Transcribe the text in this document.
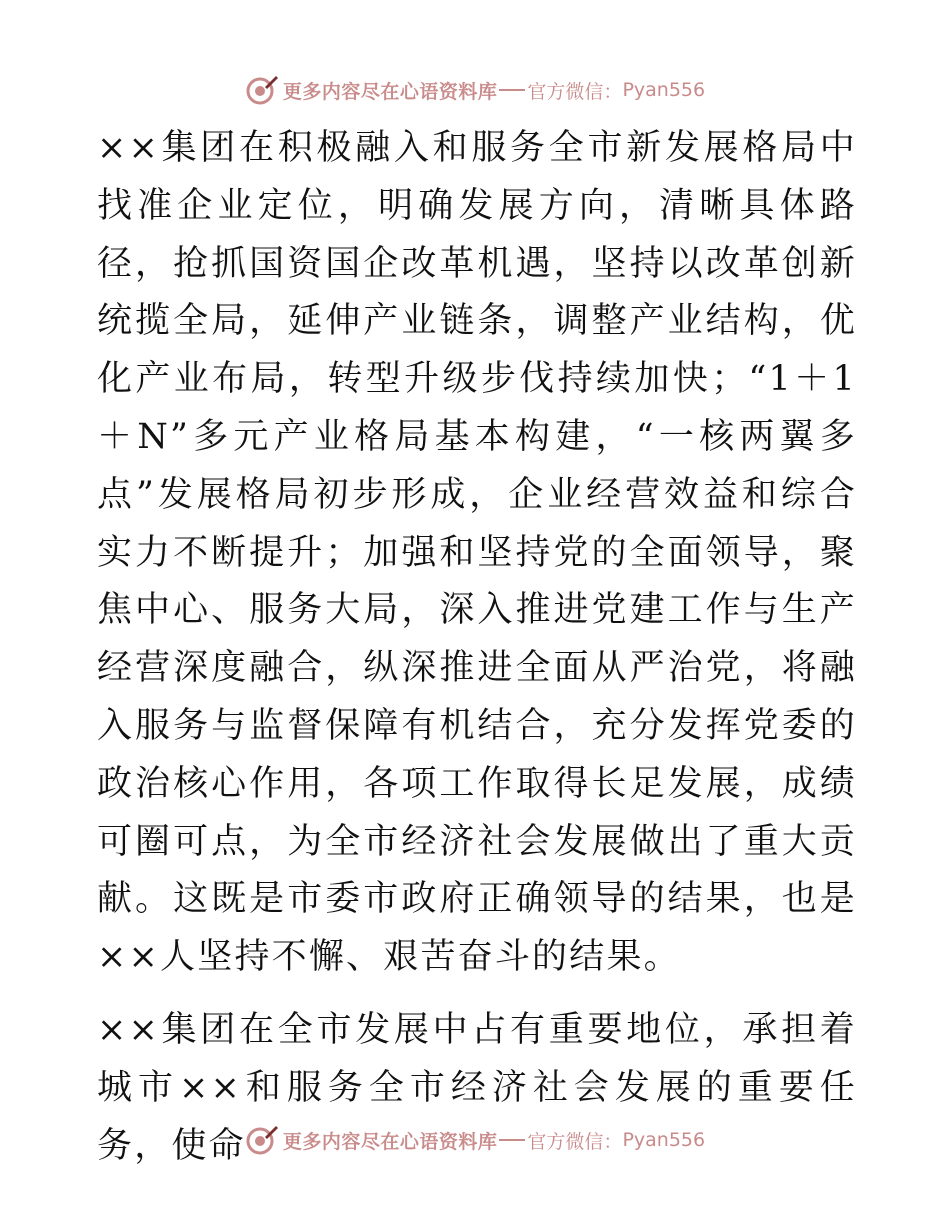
更多内容尽在心语资料库 官方微信： Pyan556

××集团在积极融入和服务全市新发展格局中找准企业定位，明确发展方向，清晰具体路径，抢抓国资国企改革机遇，坚持以改革创新统揽全局，延伸产业链条，调整产业结构，优化产业布局，转型升级步伐持续加快；“1＋1＋N”多元产业格局基本构建，“一核两翼多点”发展格局初步形成，企业经营效益和综合实力不断提升；加强和坚持党的全面领导，聚焦中心、服务大局，深入推进党建工作与生产经营深度融合，纵深推进全面从严治党，将融入服务与监督保障有机结合，充分发挥党委的政治核心作用，各项工作取得长足发展，成绩可圈可点，为全市经济社会发展做出了重大贡献。这既是市委市政府正确领导的结果，也是××人坚持不懈、艰苦奋斗的结果。

××集团在全市发展中占有重要地位，承担着城市××和服务全市经济社会发展的重要任务，使命	更多内容尽在心语资料库 官方微信： Pyan556
